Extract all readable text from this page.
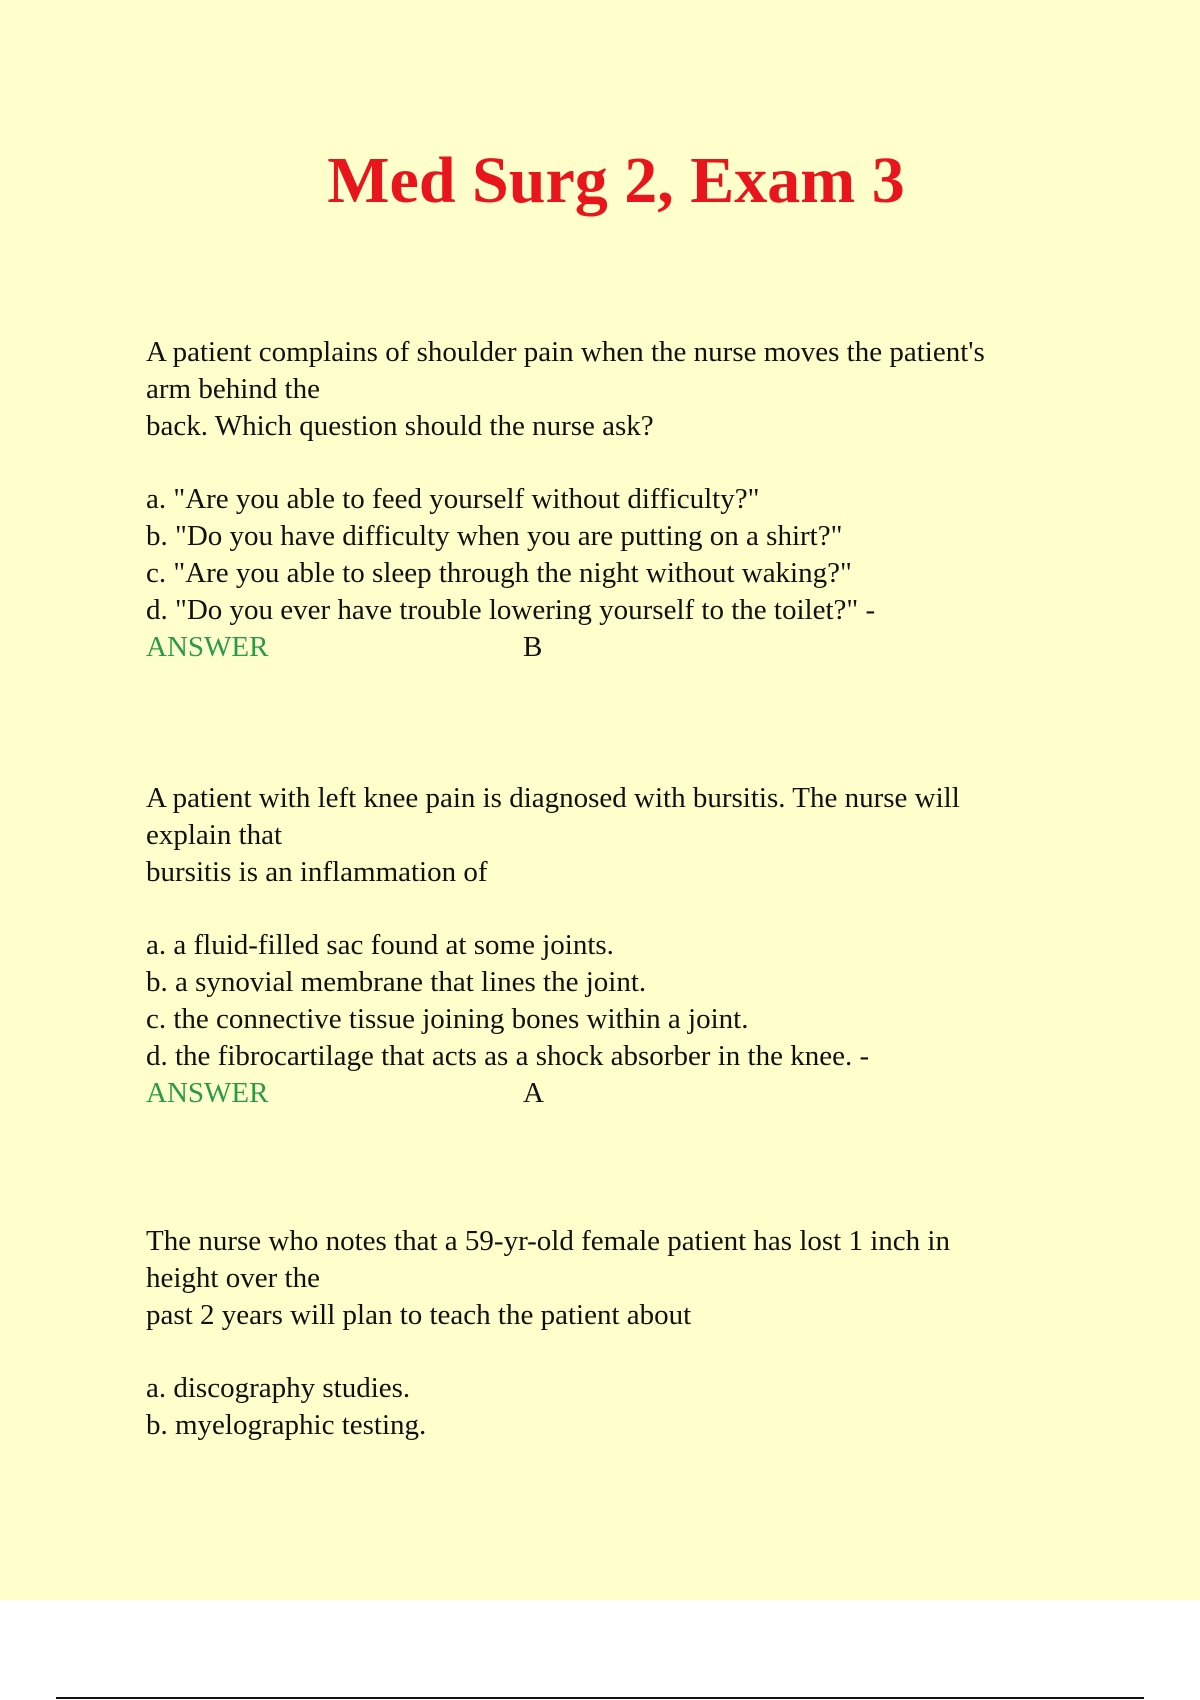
Med Surg 2, Exam 3
A patient complains of shoulder pain when the nurse moves the patient's
arm behind the
back. Which question should the nurse ask?
a. "Are you able to feed yourself without difficulty?"
b. "Do you have difficulty when you are putting on a shirt?"
c. "Are you able to sleep through the night without waking?"
d. "Do you ever have trouble lowering yourself to the toilet?" -
ANSWER	B
A patient with left knee pain is diagnosed with bursitis. The nurse will
explain that
bursitis is an inflammation of
a. a fluid-filled sac found at some joints.
b. a synovial membrane that lines the joint.
c. the connective tissue joining bones within a joint.
d. the fibrocartilage that acts as a shock absorber in the knee. -
ANSWER	A
The nurse who notes that a 59-yr-old female patient has lost 1 inch in
height over the
past 2 years will plan to teach the patient about
a. discography studies.
b. myelographic testing.
